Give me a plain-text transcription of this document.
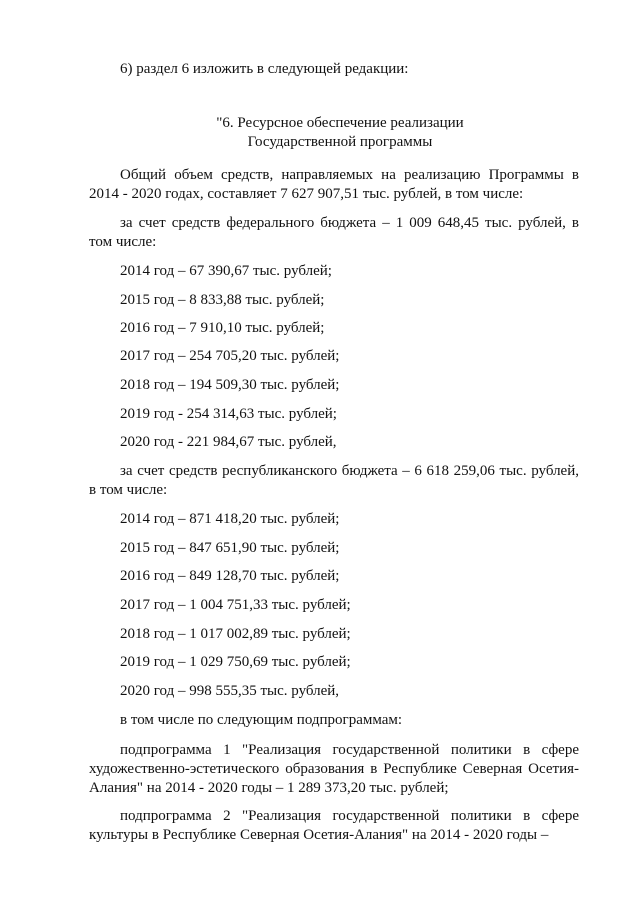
6) раздел 6 изложить в следующей редакции:
"6. Ресурсное обеспечение реализации
Государственной программы
Общий объем средств, направляемых на реализацию Программы в 2014 - 2020 годах, составляет 7 627 907,51 тыс. рублей, в том числе:
за счет средств федерального бюджета – 1 009 648,45 тыс. рублей, в том числе:
2014 год – 67 390,67 тыс. рублей;
2015 год – 8 833,88 тыс. рублей;
2016 год – 7 910,10 тыс. рублей;
2017 год – 254 705,20 тыс. рублей;
2018 год – 194 509,30 тыс. рублей;
2019 год - 254 314,63 тыс. рублей;
2020 год - 221 984,67 тыс. рублей,
за счет средств республиканского бюджета – 6 618 259,06 тыс. рублей, в том числе:
2014 год – 871 418,20 тыс. рублей;
2015 год – 847 651,90 тыс. рублей;
2016 год – 849 128,70 тыс. рублей;
2017 год – 1 004 751,33 тыс. рублей;
2018 год – 1 017 002,89 тыс. рублей;
2019 год – 1 029 750,69 тыс. рублей;
2020 год – 998 555,35 тыс. рублей,
в том числе по следующим подпрограммам:
подпрограмма 1 "Реализация государственной политики в сфере художественно-эстетического образования в Республике Северная Осетия-Алания" на 2014 - 2020 годы – 1 289 373,20 тыс. рублей;
подпрограмма 2 "Реализация государственной политики в сфере культуры в Республике Северная Осетия-Алания" на 2014 - 2020 годы –
